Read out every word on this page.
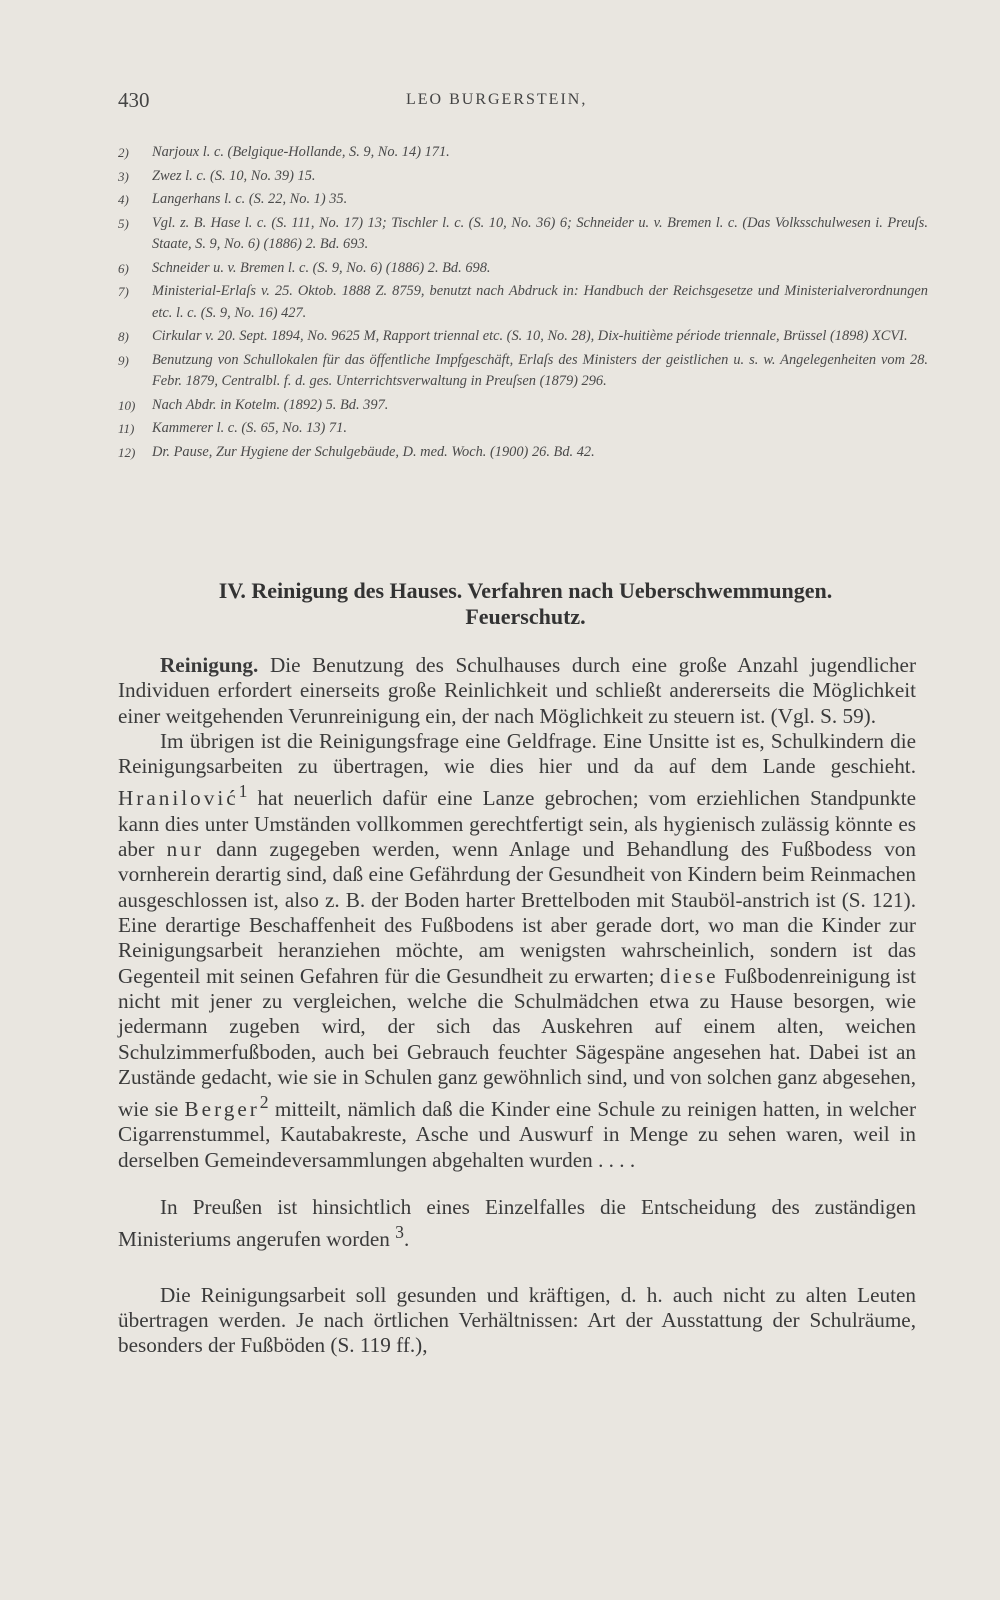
430	LEO BURGERSTEIN,
2)	Narjoux l. c. (Belgique-Hollande, S. 9, No. 14) 171.
3)	Zwez l. c. (S. 10, No. 39) 15.
4)	Langerhans l. c. (S. 22, No. 1) 35.
5)	Vgl. z. B. Hase l. c. (S. 111, No. 17) 13; Tischler l. c. (S. 10, No. 36) 6; Schneider u. v. Bremen l. c. (Das Volksschulwesen i. Preuſs. Staate, S. 9, No. 6) (1886) 2. Bd. 693.
6)	Schneider u. v. Bremen l. c. (S. 9, No. 6) (1886) 2. Bd. 698.
7)	Ministerial-Erlaſs v. 25. Oktob. 1888 Z. 8759, benutzt nach Abdruck in: Handbuch der Reichsgesetze und Ministerialverordnungen etc. l. c. (S. 9, No. 16) 427.
8)	Cirkular v. 20. Sept. 1894, No. 9625 M, Rapport triennal etc. (S. 10, No. 28), Dix-huitième période triennale, Brüssel (1898) XCVI.
9)	Benutzung von Schullokalen für das öffentliche Impfgeschäft, Erlaſs des Ministers der geistlichen u. s. w. Angelegenheiten vom 28. Febr. 1879, Centralbl. f. d. ges. Unterrichtsverwaltung in Preuſsen (1879) 296.
10)	Nach Abdr. in Kotelm. (1892) 5. Bd. 397.
11)	Kammerer l. c. (S. 65, No. 13) 71.
12)	Dr. Pause, Zur Hygiene der Schulgebäude, D. med. Woch. (1900) 26. Bd. 42.
IV. Reinigung des Hauses. Verfahren nach Ueberschwemmungen.
Feuerschutz.

Reinigung. Die Benutzung des Schulhauses durch eine große Anzahl jugendlicher Individuen erfordert einerseits große Reinlichkeit und schließt andererseits die Möglichkeit einer weitgehenden Verunreinigung ein, der nach Möglichkeit zu steuern ist. (Vgl. S. 59).

Im übrigen ist die Reinigungsfrage eine Geldfrage. Eine Unsitte ist es, Schulkindern die Reinigungsarbeiten zu übertragen, wie dies hier und da auf dem Lande geschieht. Hranilović$^1$ hat neuerlich dafür eine Lanze gebrochen; vom erziehlichen Standpunkte kann dies unter Umständen vollkommen gerechtfertigt sein, als hygienisch zulässig könnte es aber nur dann zugegeben werden, wenn Anlage und Behandlung des Fußbodess von vornherein derartig sind, daß eine Gefährdung der Gesundheit von Kindern beim Reinmachen ausgeschlossen ist, also z. B. der Boden harter Brettelboden mit Stauböl-anstrich ist (S. 121). Eine derartige Beschaffenheit des Fußbodens ist aber gerade dort, wo man die Kinder zur Reinigungsarbeit heranziehen möchte, am wenigsten wahrscheinlich, sondern ist das Gegenteil mit seinen Gefahren für die Gesundheit zu erwarten; diese Fußbodenreinigung ist nicht mit jener zu vergleichen, welche die Schulmädchen etwa zu Hause besorgen, wie jedermann zugeben wird, der sich das Auskehren auf einem alten, weichen Schulzimmerfußboden, auch bei Gebrauch feuchter Sägespäne angesehen hat. Dabei ist an Zustände gedacht, wie sie in Schulen ganz gewöhnlich sind, und von solchen ganz abgesehen, wie sie Berger$^2$ mitteilt, nämlich daß die Kinder eine Schule zu reinigen hatten, in welcher Cigarrenstummel, Kautabakreste, Asche und Auswurf in Menge zu sehen waren, weil in derselben Gemeindeversammlungen abgehalten wurden . . . .

In Preußen ist hinsichtlich eines Einzelfalles die Entscheidung des zuständigen Ministeriums angerufen worden $^3$.

Die Reinigungsarbeit soll gesunden und kräftigen, d. h. auch nicht zu alten Leuten übertragen werden. Je nach örtlichen Verhältnissen: Art der Ausstattung der Schulräume, besonders der Fußböden (S. 119 ff.),
